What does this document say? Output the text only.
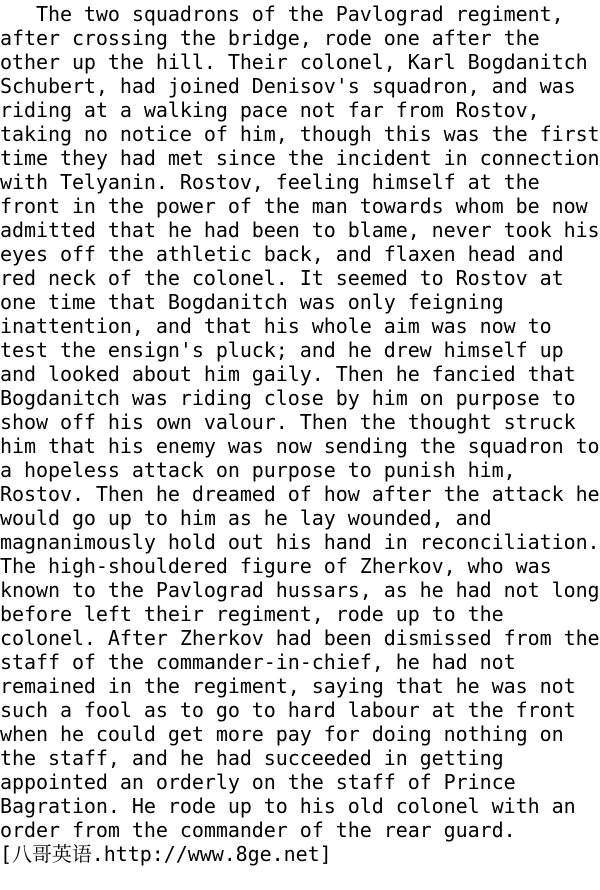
The two squadrons of the Pavlograd regiment,
after crossing the bridge, rode one after the
other up the hill. Their colonel, Karl Bogdanitch
Schubert, had joined Denisov's squadron, and was
riding at a walking pace not far from Rostov,
taking no notice of him, though this was the first
time they had met since the incident in connection
with Telyanin. Rostov, feeling himself at the
front in the power of the man towards whom be now
admitted that he had been to blame, never took his
eyes off the athletic back, and flaxen head and
red neck of the colonel. It seemed to Rostov at
one time that Bogdanitch was only feigning
inattention, and that his whole aim was now to
test the ensign's pluck; and he drew himself up
and looked about him gaily. Then he fancied that
Bogdanitch was riding close by him on purpose to
show off his own valour. Then the thought struck
him that his enemy was now sending the squadron to
a hopeless attack on purpose to punish him,
Rostov. Then he dreamed of how after the attack he
would go up to him as he lay wounded, and
magnanimously hold out his hand in reconciliation.
The high-shouldered figure of Zherkov, who was
known to the Pavlograd hussars, as he had not long
before left their regiment, rode up to the
colonel. After Zherkov had been dismissed from the
staff of the commander-in-chief, he had not
remained in the regiment, saying that he was not
such a fool as to go to hard labour at the front
when he could get more pay for doing nothing on
the staff, and he had succeeded in getting
appointed an orderly on the staff of Prince
Bagration. He rode up to his old colonel with an
order from the commander of the rear guard.
[八哥英语.http://www.8ge.net]
